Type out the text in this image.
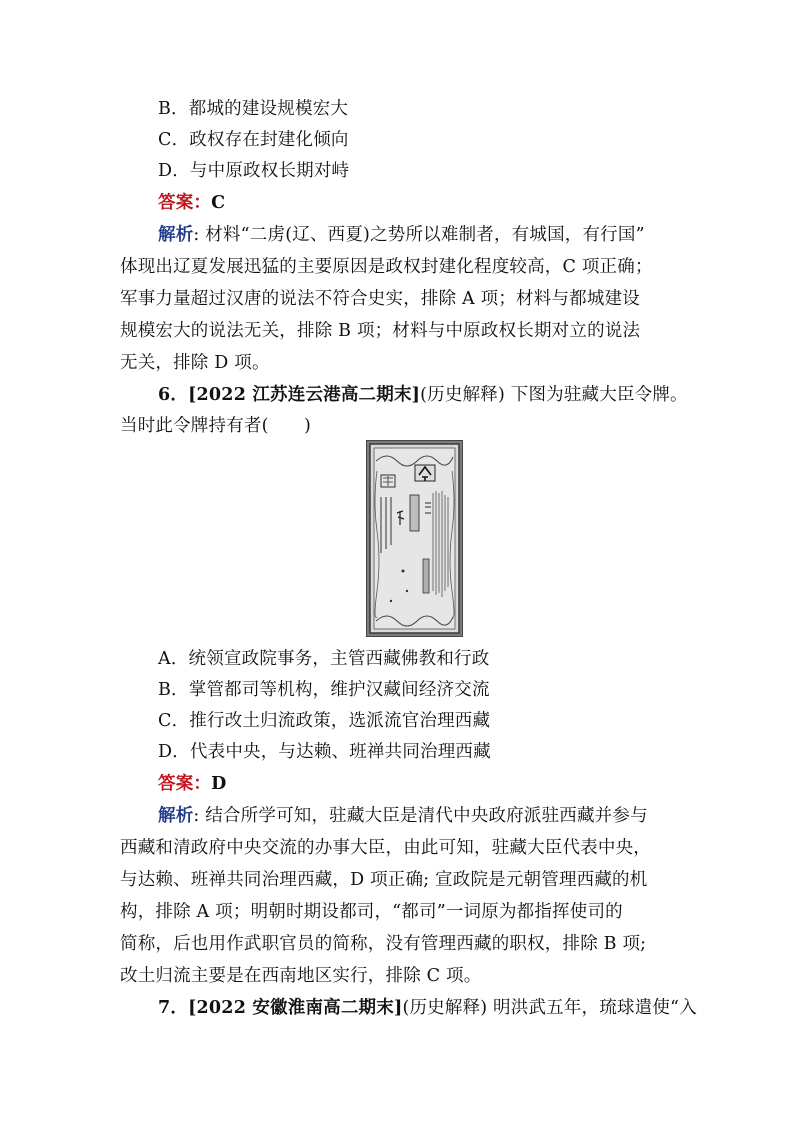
B．都城的建设规模宏大
C．政权存在封建化倾向
D．与中原政权长期对峙
答案：C
解析: 材料“二虏(辽、西夏)之势所以难制者，有城国，有行国”
体现出辽夏发展迅猛的主要原因是政权封建化程度较高，C 项正确；
军事力量超过汉唐的说法不符合史实，排除 A 项；材料与都城建设
规模宏大的说法无关，排除 B 项；材料与中原政权长期对立的说法
无关，排除 D 项。
6．[2022 江苏连云港高二期末](历史解释) 下图为驻藏大臣令牌。
当时此令牌持有者(　　)
A．统领宣政院事务，主管西藏佛教和行政
B．掌管都司等机构，维护汉藏间经济交流
C．推行改土归流政策，选派流官治理西藏
D．代表中央，与达赖、班禅共同治理西藏
答案：D
解析: 结合所学可知，驻藏大臣是清代中央政府派驻西藏并参与
西藏和清政府中央交流的办事大臣，由此可知，驻藏大臣代表中央，
与达赖、班禅共同治理西藏，D 项正确; 宣政院是元朝管理西藏的机
构，排除 A 项；明朝时期设都司，“都司”一词原为都指挥使司的
简称，后也用作武职官员的简称，没有管理西藏的职权，排除 B 项;
改土归流主要是在西南地区实行，排除 C 项。
7．[2022 安徽淮南高二期末](历史解释) 明洪武五年，琉球遣使“入
